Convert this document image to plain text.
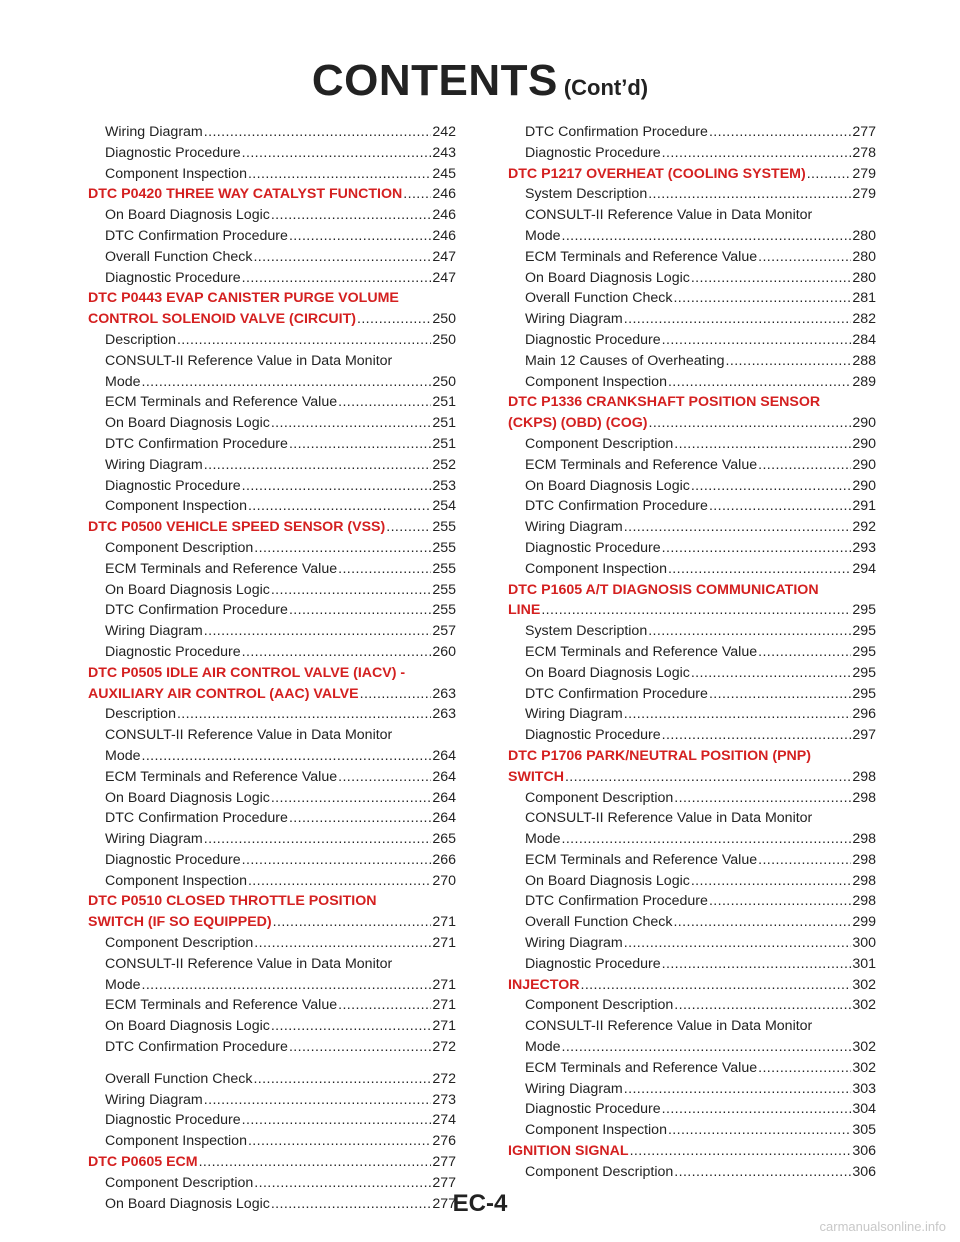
CONTENTS (Cont’d)
Wiring Diagram .....	242
Diagnostic Procedure .....	243
Component Inspection .....	245
DTC P0420 THREE WAY CATALYST FUNCTION ..... 246
On Board Diagnosis Logic .....	246
DTC Confirmation Procedure .....	246
Overall Function Check .....	247
Diagnostic Procedure .....	247
DTC P0443 EVAP CANISTER PURGE VOLUME
CONTROL SOLENOID VALVE (CIRCUIT) .....	250
Description .....	250
CONSULT-II Reference Value in Data Monitor
Mode .....	250
ECM Terminals and Reference Value .....	251
On Board Diagnosis Logic .....	251
DTC Confirmation Procedure .....	251
Wiring Diagram .....	252
Diagnostic Procedure .....	253
Component Inspection .....	254
DTC P0500 VEHICLE SPEED SENSOR (VSS) .....	255
Component Description .....	255
ECM Terminals and Reference Value .....	255
On Board Diagnosis Logic .....	255
DTC Confirmation Procedure .....	255
Wiring Diagram .....	257
Diagnostic Procedure .....	260
DTC P0505 IDLE AIR CONTROL VALVE (IACV) -
AUXILIARY AIR CONTROL (AAC) VALVE .....	263
Description .....	263
CONSULT-II Reference Value in Data Monitor
Mode .....	264
ECM Terminals and Reference Value .....	264
On Board Diagnosis Logic .....	264
DTC Confirmation Procedure .....	264
Wiring Diagram .....	265
Diagnostic Procedure .....	266
Component Inspection .....	270
DTC P0510 CLOSED THROTTLE POSITION
SWITCH (IF SO EQUIPPED) .....	271
Component Description .....	271
CONSULT-II Reference Value in Data Monitor
Mode .....	271
ECM Terminals and Reference Value .....	271
On Board Diagnosis Logic .....	271
DTC Confirmation Procedure .....	272
Overall Function Check .....	272
Wiring Diagram .....	273
Diagnostic Procedure .....	274
Component Inspection .....	276
DTC P0605 ECM .....	277
Component Description .....	277
On Board Diagnosis Logic .....	277
DTC Confirmation Procedure .....	277
Diagnostic Procedure .....	278
DTC P1217 OVERHEAT (COOLING SYSTEM) .....	279
System Description .....	279
CONSULT-II Reference Value in Data Monitor
Mode .....	280
ECM Terminals and Reference Value .....	280
On Board Diagnosis Logic .....	280
Overall Function Check .....	281
Wiring Diagram .....	282
Diagnostic Procedure .....	284
Main 12 Causes of Overheating .....	288
Component Inspection .....	289
DTC P1336 CRANKSHAFT POSITION SENSOR
(CKPS) (OBD) (COG) .....	290
Component Description .....	290
ECM Terminals and Reference Value .....	290
On Board Diagnosis Logic .....	290
DTC Confirmation Procedure .....	291
Wiring Diagram .....	292
Diagnostic Procedure .....	293
Component Inspection .....	294
DTC P1605 A/T DIAGNOSIS COMMUNICATION
LINE .....	295
System Description .....	295
ECM Terminals and Reference Value .....	295
On Board Diagnosis Logic .....	295
DTC Confirmation Procedure .....	295
Wiring Diagram .....	296
Diagnostic Procedure .....	297
DTC P1706 PARK/NEUTRAL POSITION (PNP)
SWITCH .....	298
Component Description .....	298
CONSULT-II Reference Value in Data Monitor
Mode .....	298
ECM Terminals and Reference Value .....	298
On Board Diagnosis Logic .....	298
DTC Confirmation Procedure .....	298
Overall Function Check .....	299
Wiring Diagram .....	300
Diagnostic Procedure .....	301
INJECTOR .....	302
Component Description .....	302
CONSULT-II Reference Value in Data Monitor
Mode .....	302
ECM Terminals and Reference Value .....	302
Wiring Diagram .....	303
Diagnostic Procedure .....	304
Component Inspection .....	305
IGNITION SIGNAL .....	306
Component Description .....	306
EC-4
carmanualsonline.info
